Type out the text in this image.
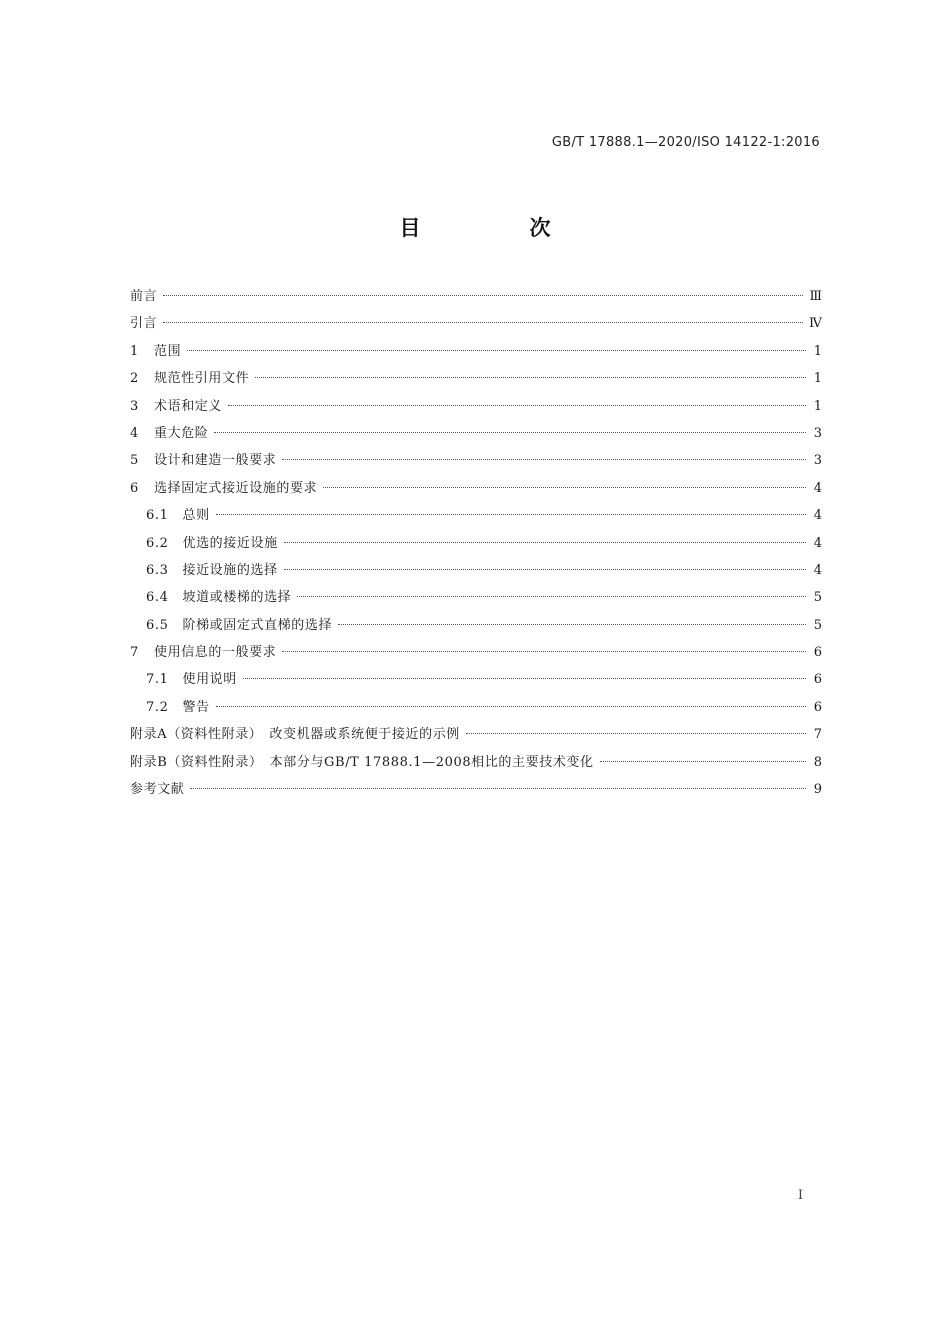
GB/T 17888.1—2020/ISO 14122-1:2016
目　次
前言	Ⅲ
引言	Ⅳ
1 范围	1
2 规范性引用文件	1
3 术语和定义	1
4 重大危险	3
5 设计和建造一般要求	3
6 选择固定式接近设施的要求	4
6.1 总则	4
6.2 优选的接近设施	4
6.3 接近设施的选择	4
6.4 坡道或楼梯的选择	5
6.5 阶梯或固定式直梯的选择	5
7 使用信息的一般要求	6
7.1 使用说明	6
7.2 警告	6
附录A（资料性附录）　改变机器或系统便于接近的示例	7
附录B（资料性附录）　本部分与GB/T 17888.1—2008相比的主要技术变化	8
参考文献	9
I
